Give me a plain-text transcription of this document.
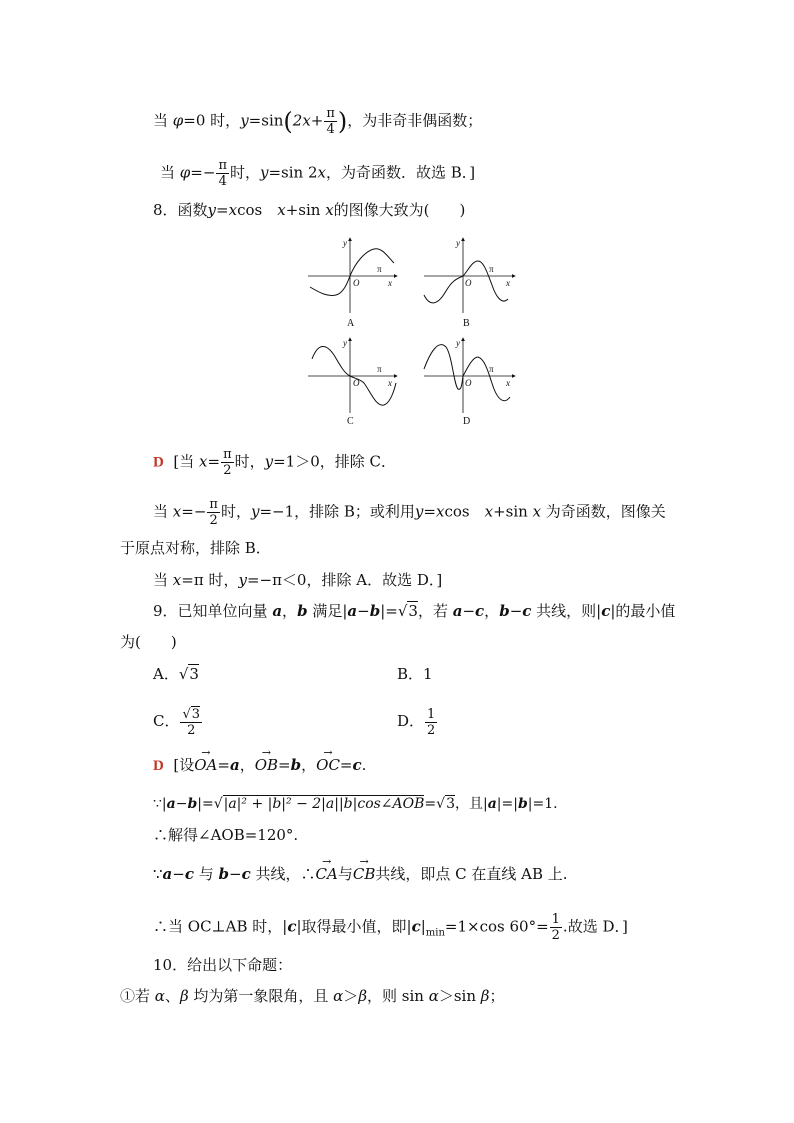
当 φ=0 时，$y=\sin(2x+ \frac{\pi}{4}$ )，为非奇非偶函数；
当 $\varphi=- \frac{\pi}{4}$ 时，y=sin 2x，为奇函数．故选 B．]
8．函数y=xcos　x+sin x的图像大致为(　　)
y
x
O
π
A
y
x
O
π
B
y
x
O
π
C
y
x
O
π
D
D [当 $x= \frac{\pi}{2}$ 时，y=1＞0，排除 C．
当 $x=- \frac{\pi}{2}$ 时，y=−1，排除 B；或利用y=xcos　x+sin x 为奇函数，图像关
于原点对称，排除 B．
当 x=π 时，y=−π＜0，排除 A．故选 D．]
9．已知单位向量 a，b 满足|a−b|=√3，若 a−c，b−c 共线，则|c|的最小值
为(　　)
A．√3	B．1
C． $\frac{√3}{2}$	D． $\frac{1}{2}$
D [设→ OA=a，→ OB=b，→ OC=c.
∵|a−b|=√|a|² + |b|² − 2|a||b|cos∠AOB=√3，且|a|=|b|=1.
∴解得∠AOB=120°.
∵a−c 与 b−c 共线，∴→ CA与→ CB共线，即点 C 在直线 AB 上.
∴当 OC⊥AB 时，|c|取得最小值，即$|c|_{min}=1\times\cos$ $60^\circ= \frac{1}{2}$ .故选 D．]
10．给出以下命题：
①若 α、β 均为第一象限角，且 α＞β，则 sin α＞sin β；
